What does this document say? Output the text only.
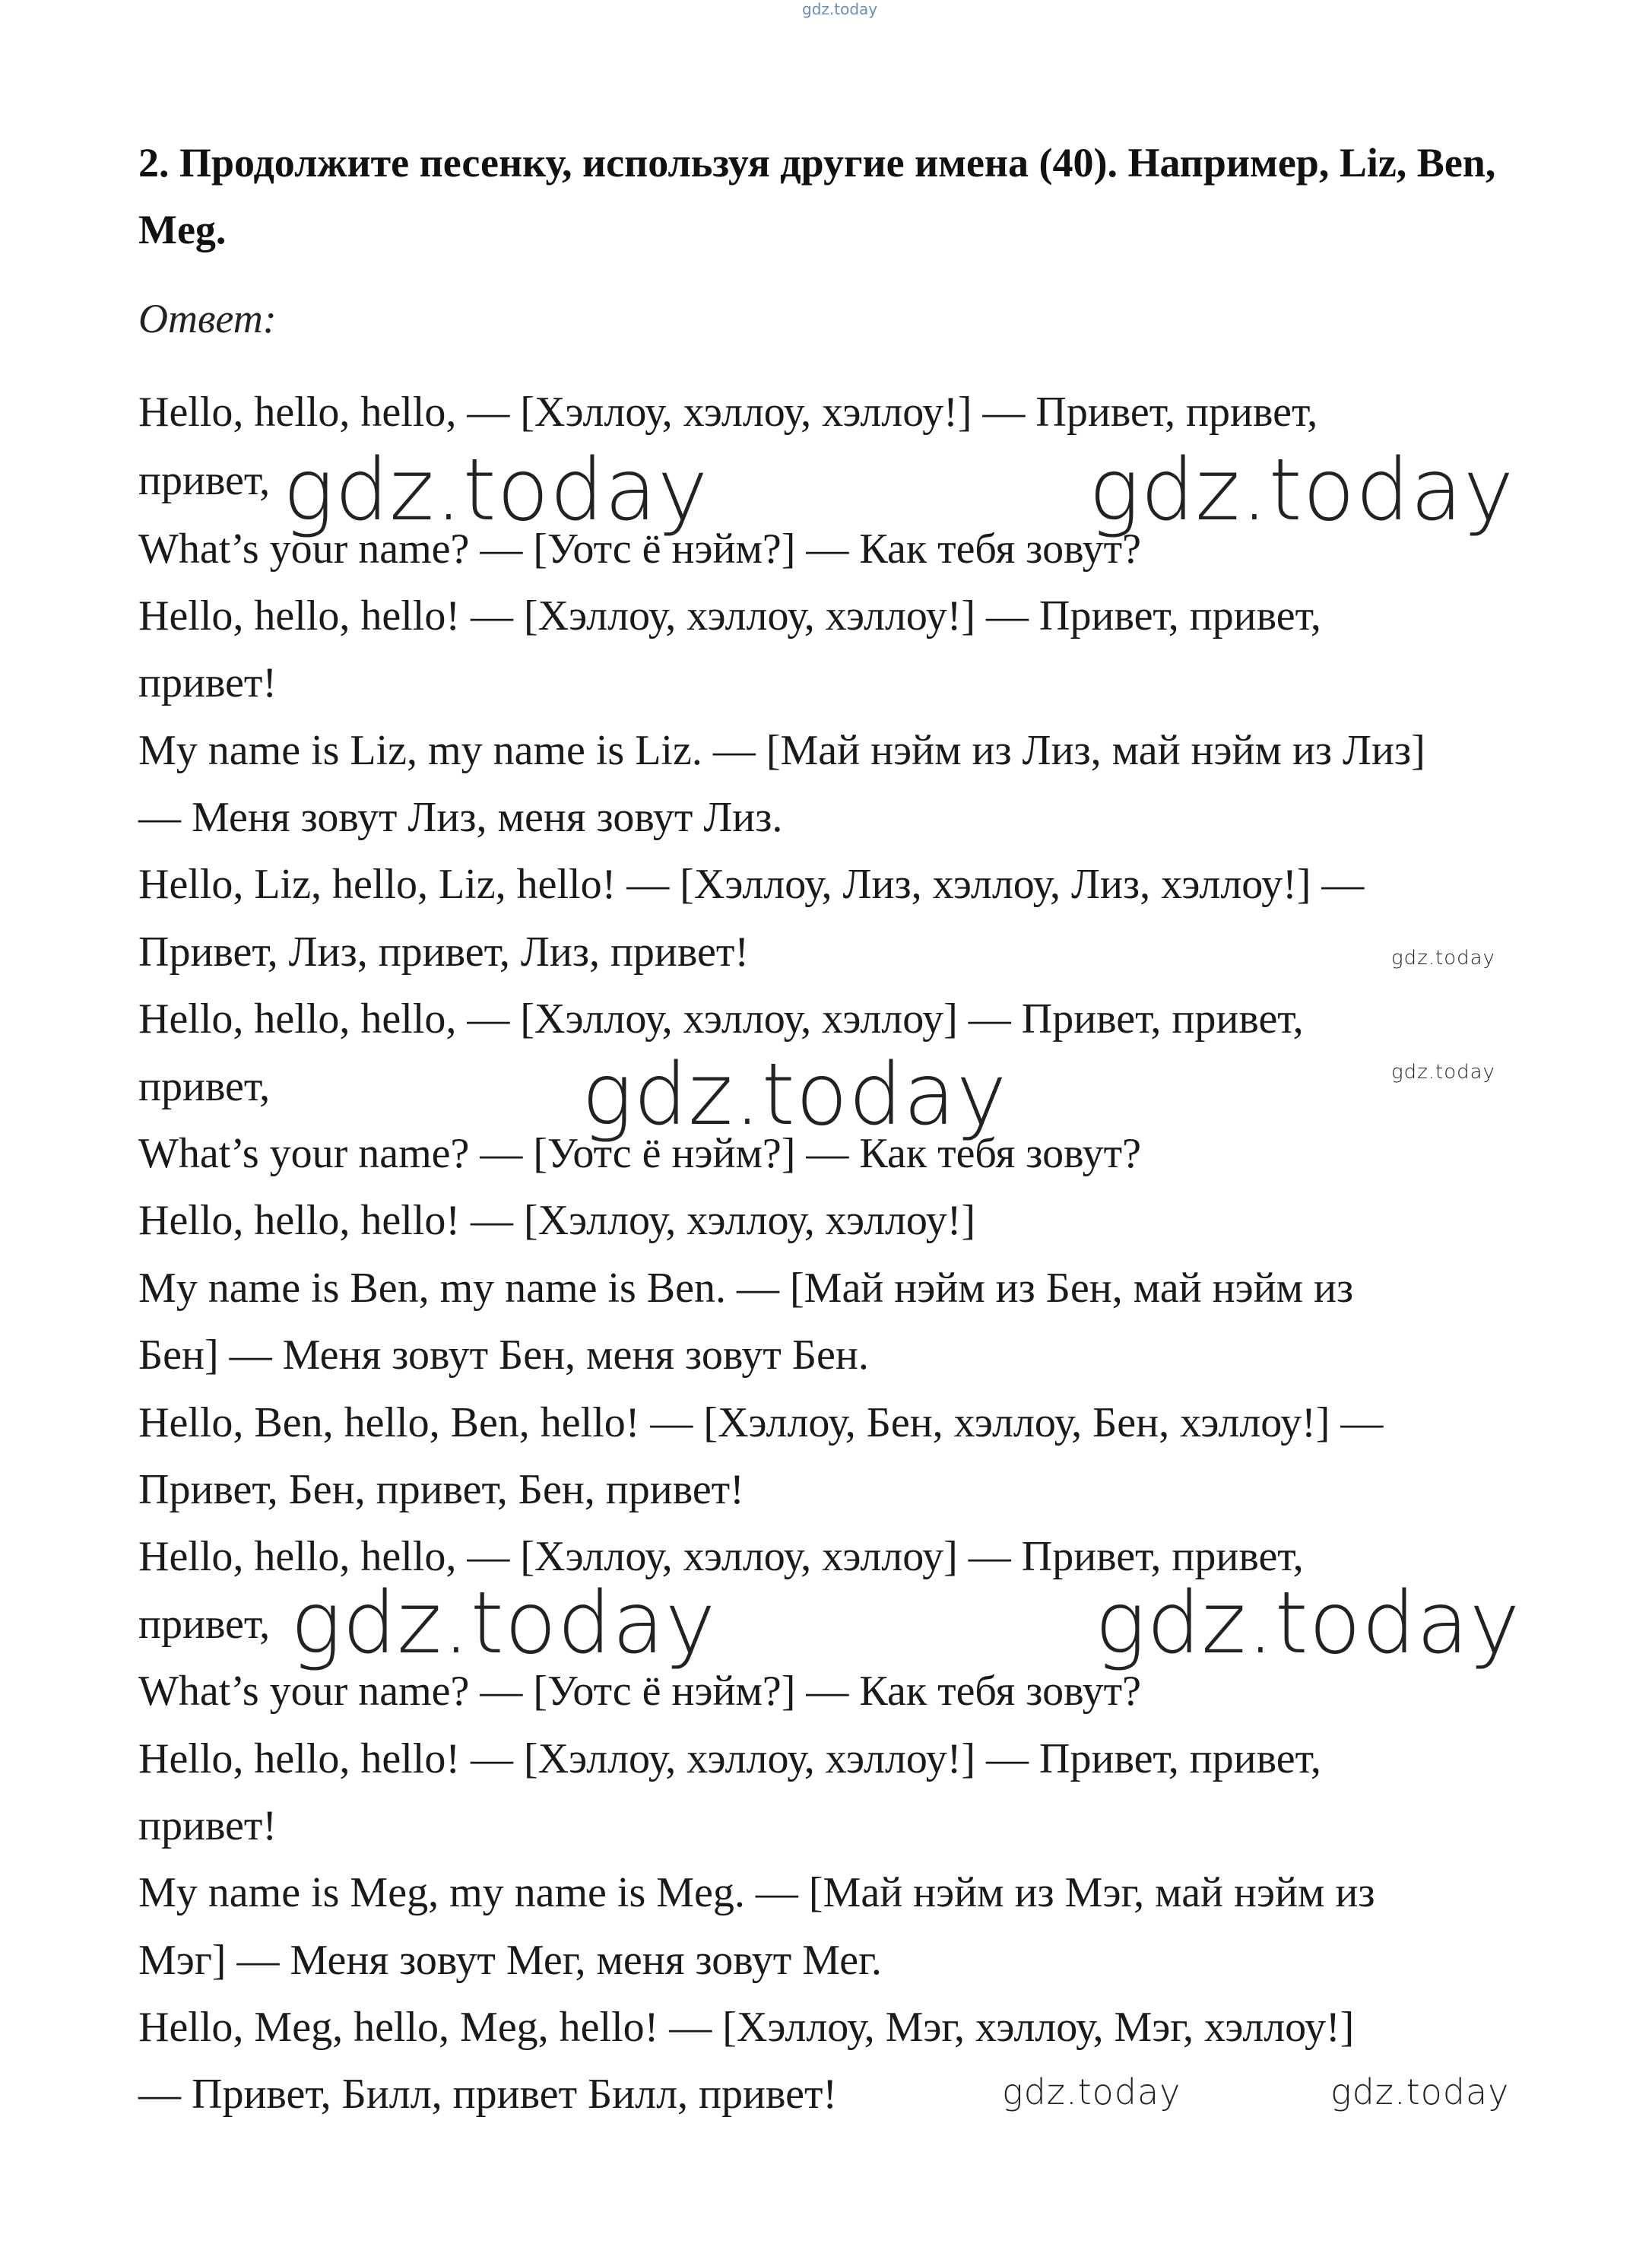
gdz.today
2. Продолжите песенку, используя другие имена (40). Например, Liz, Ben, Meg.
Ответ:
Hello, hello, hello, — [Хэллоу, хэллоу, хэллоу!] — Привет, привет,
привет,
What’s your name? — [Уотс ё нэйм?] — Как тебя зовут?
Hello, hello, hello! — [Хэллоу, хэллоу, хэллоу!] — Привет, привет,
привет!
My name is Liz, my name is Liz. — [Май нэйм из Лиз, май нэйм из Лиз]
— Меня зовут Лиз, меня зовут Лиз.
Hello, Liz, hello, Liz, hello! — [Хэллоу, Лиз, хэллоу, Лиз, хэллоу!] —
Привет, Лиз, привет, Лиз, привет!
Hello, hello, hello, — [Хэллоу, хэллоу, хэллоу] — Привет, привет,
привет,
What’s your name? — [Уотс ё нэйм?] — Как тебя зовут?
Hello, hello, hello! — [Хэллоу, хэллоу, хэллоу!]
My name is Ben, my name is Ben. — [Май нэйм из Бен, май нэйм из
Бен] — Меня зовут Бен, меня зовут Бен.
Hello, Ben, hello, Ben, hello! — [Хэллоу, Бен, хэллоу, Бен, хэллоу!] —
Привет, Бен, привет, Бен, привет!
Hello, hello, hello, — [Хэллоу, хэллоу, хэллоу] — Привет, привет,
привет,
What’s your name? — [Уотс ё нэйм?] — Как тебя зовут?
Hello, hello, hello! — [Хэллоу, хэллоу, хэллоу!] — Привет, привет,
привет!
My name is Meg, my name is Meg. — [Май нэйм из Мэг, май нэйм из
Мэг] — Меня зовут Мег, меня зовут Мег.
Hello, Meg, hello, Meg, hello! — [Хэллоу, Мэг, хэллоу, Мэг, хэллоу!]
— Привет, Билл, привет Билл, привет!
gdz.today	gdz.today
gdz.today
gdz.today
gdz.today
gdz.today	gdz.today
gdz.today	gdz.today
